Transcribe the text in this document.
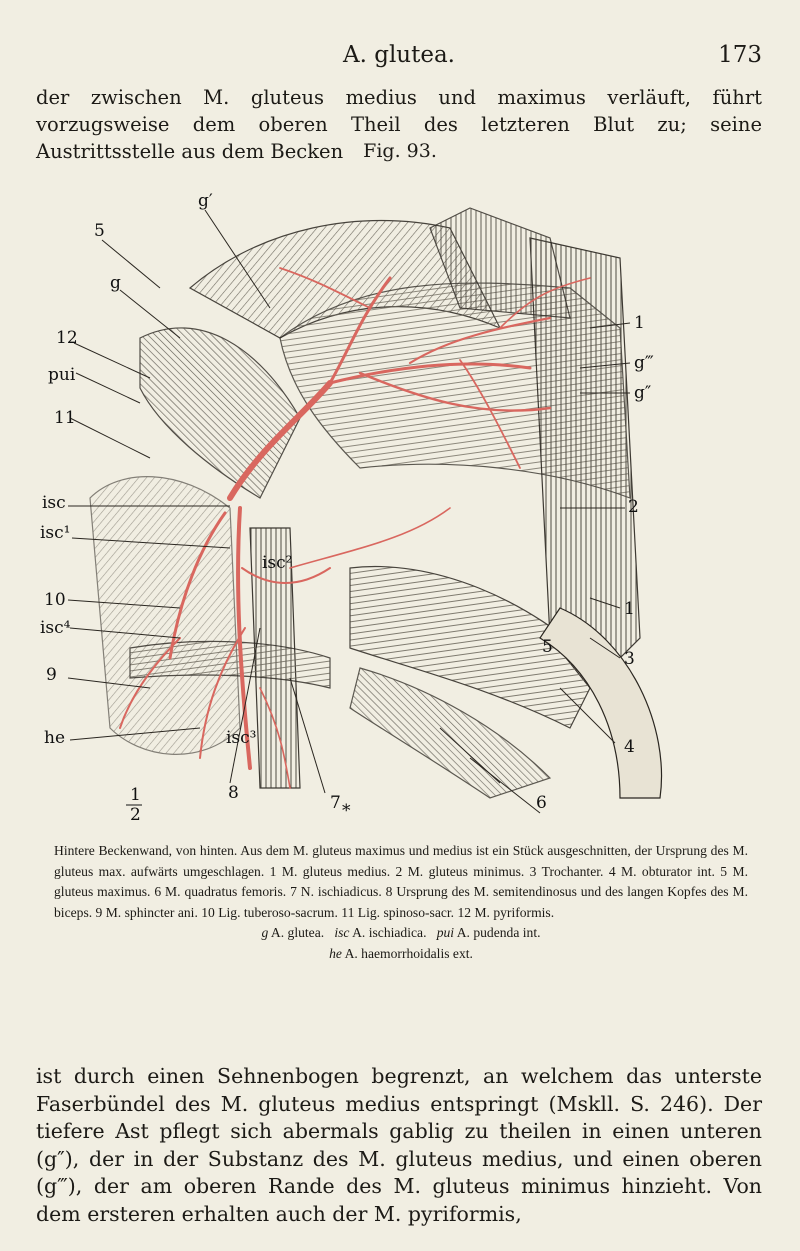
A. glutea.	173

der zwischen M. gluteus medius und maximus verläuft, führt vorzugsweise dem oberen Theil des letzteren Blut zu; seine Austrittsstelle aus dem Becken	Fig. 93.
g′
5
g
12
pui
11
isc
isc¹
10
isc⁴
9
he
isc²
isc³
1
2
8	7	6
5
4
3
1
2
g″
g‴
1
*
Hintere Beckenwand, von hinten. Aus dem M. gluteus maximus und medius ist ein Stück ausgeschnitten, der Ursprung des M. gluteus max. aufwärts umgeschlagen. 1 M. gluteus medius. 2 M. gluteus minimus. 3 Trochanter. 4 M. obturator int. 5 M. gluteus maximus. 6 M. quadratus femoris. 7 N. ischiadicus. 8 Ursprung des M. semitendinosus und des langen Kopfes des M. biceps. 9 M. sphincter ani. 10 Lig. tuberoso-sacrum. 11 Lig. spinoso-sacr. 12 M. pyriformis.
g A. glutea. isc A. ischiadica. pui A. pudenda int.
he A. haemorrhoidalis ext.

ist durch einen Sehnenbogen begrenzt, an welchem das unterste Faserbündel des M. gluteus medius entspringt (Mskll. S. 246). Der tiefere Ast pflegt sich abermals gablig zu theilen in einen unteren (g″), der in der Substanz des M. gluteus medius, und einen oberen (g‴), der am oberen Rande des M. gluteus minimus hinzieht. Von dem ersteren erhalten auch der M. pyriformis,
